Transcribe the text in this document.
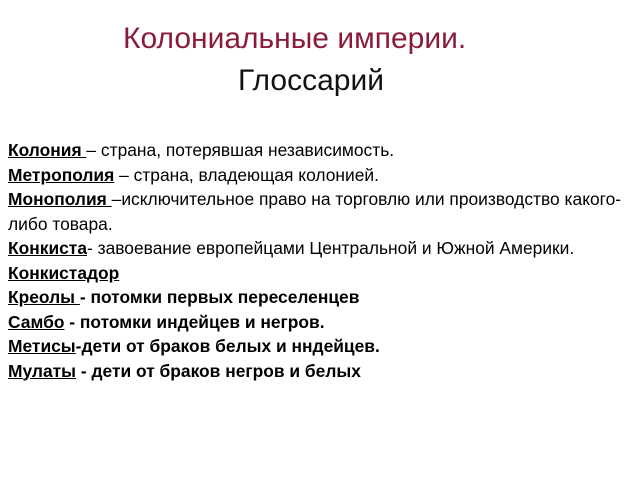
Колониальные империи.
Глоссарий

Колония – страна, потерявшая независимость.

Метрополия – страна, владеющая колонией.

Монополия –исключительное право на торговлю или производство какого-либо товара.

Конкиста- завоевание европейцами Центральной и Южной Америки.

Конкистадор

Креолы - потомки первых переселенцев

Самбо - потомки индейцев и негров.

Метисы-дети от браков белых и нндейцев.

Мулаты - дети от браков негров и белых
